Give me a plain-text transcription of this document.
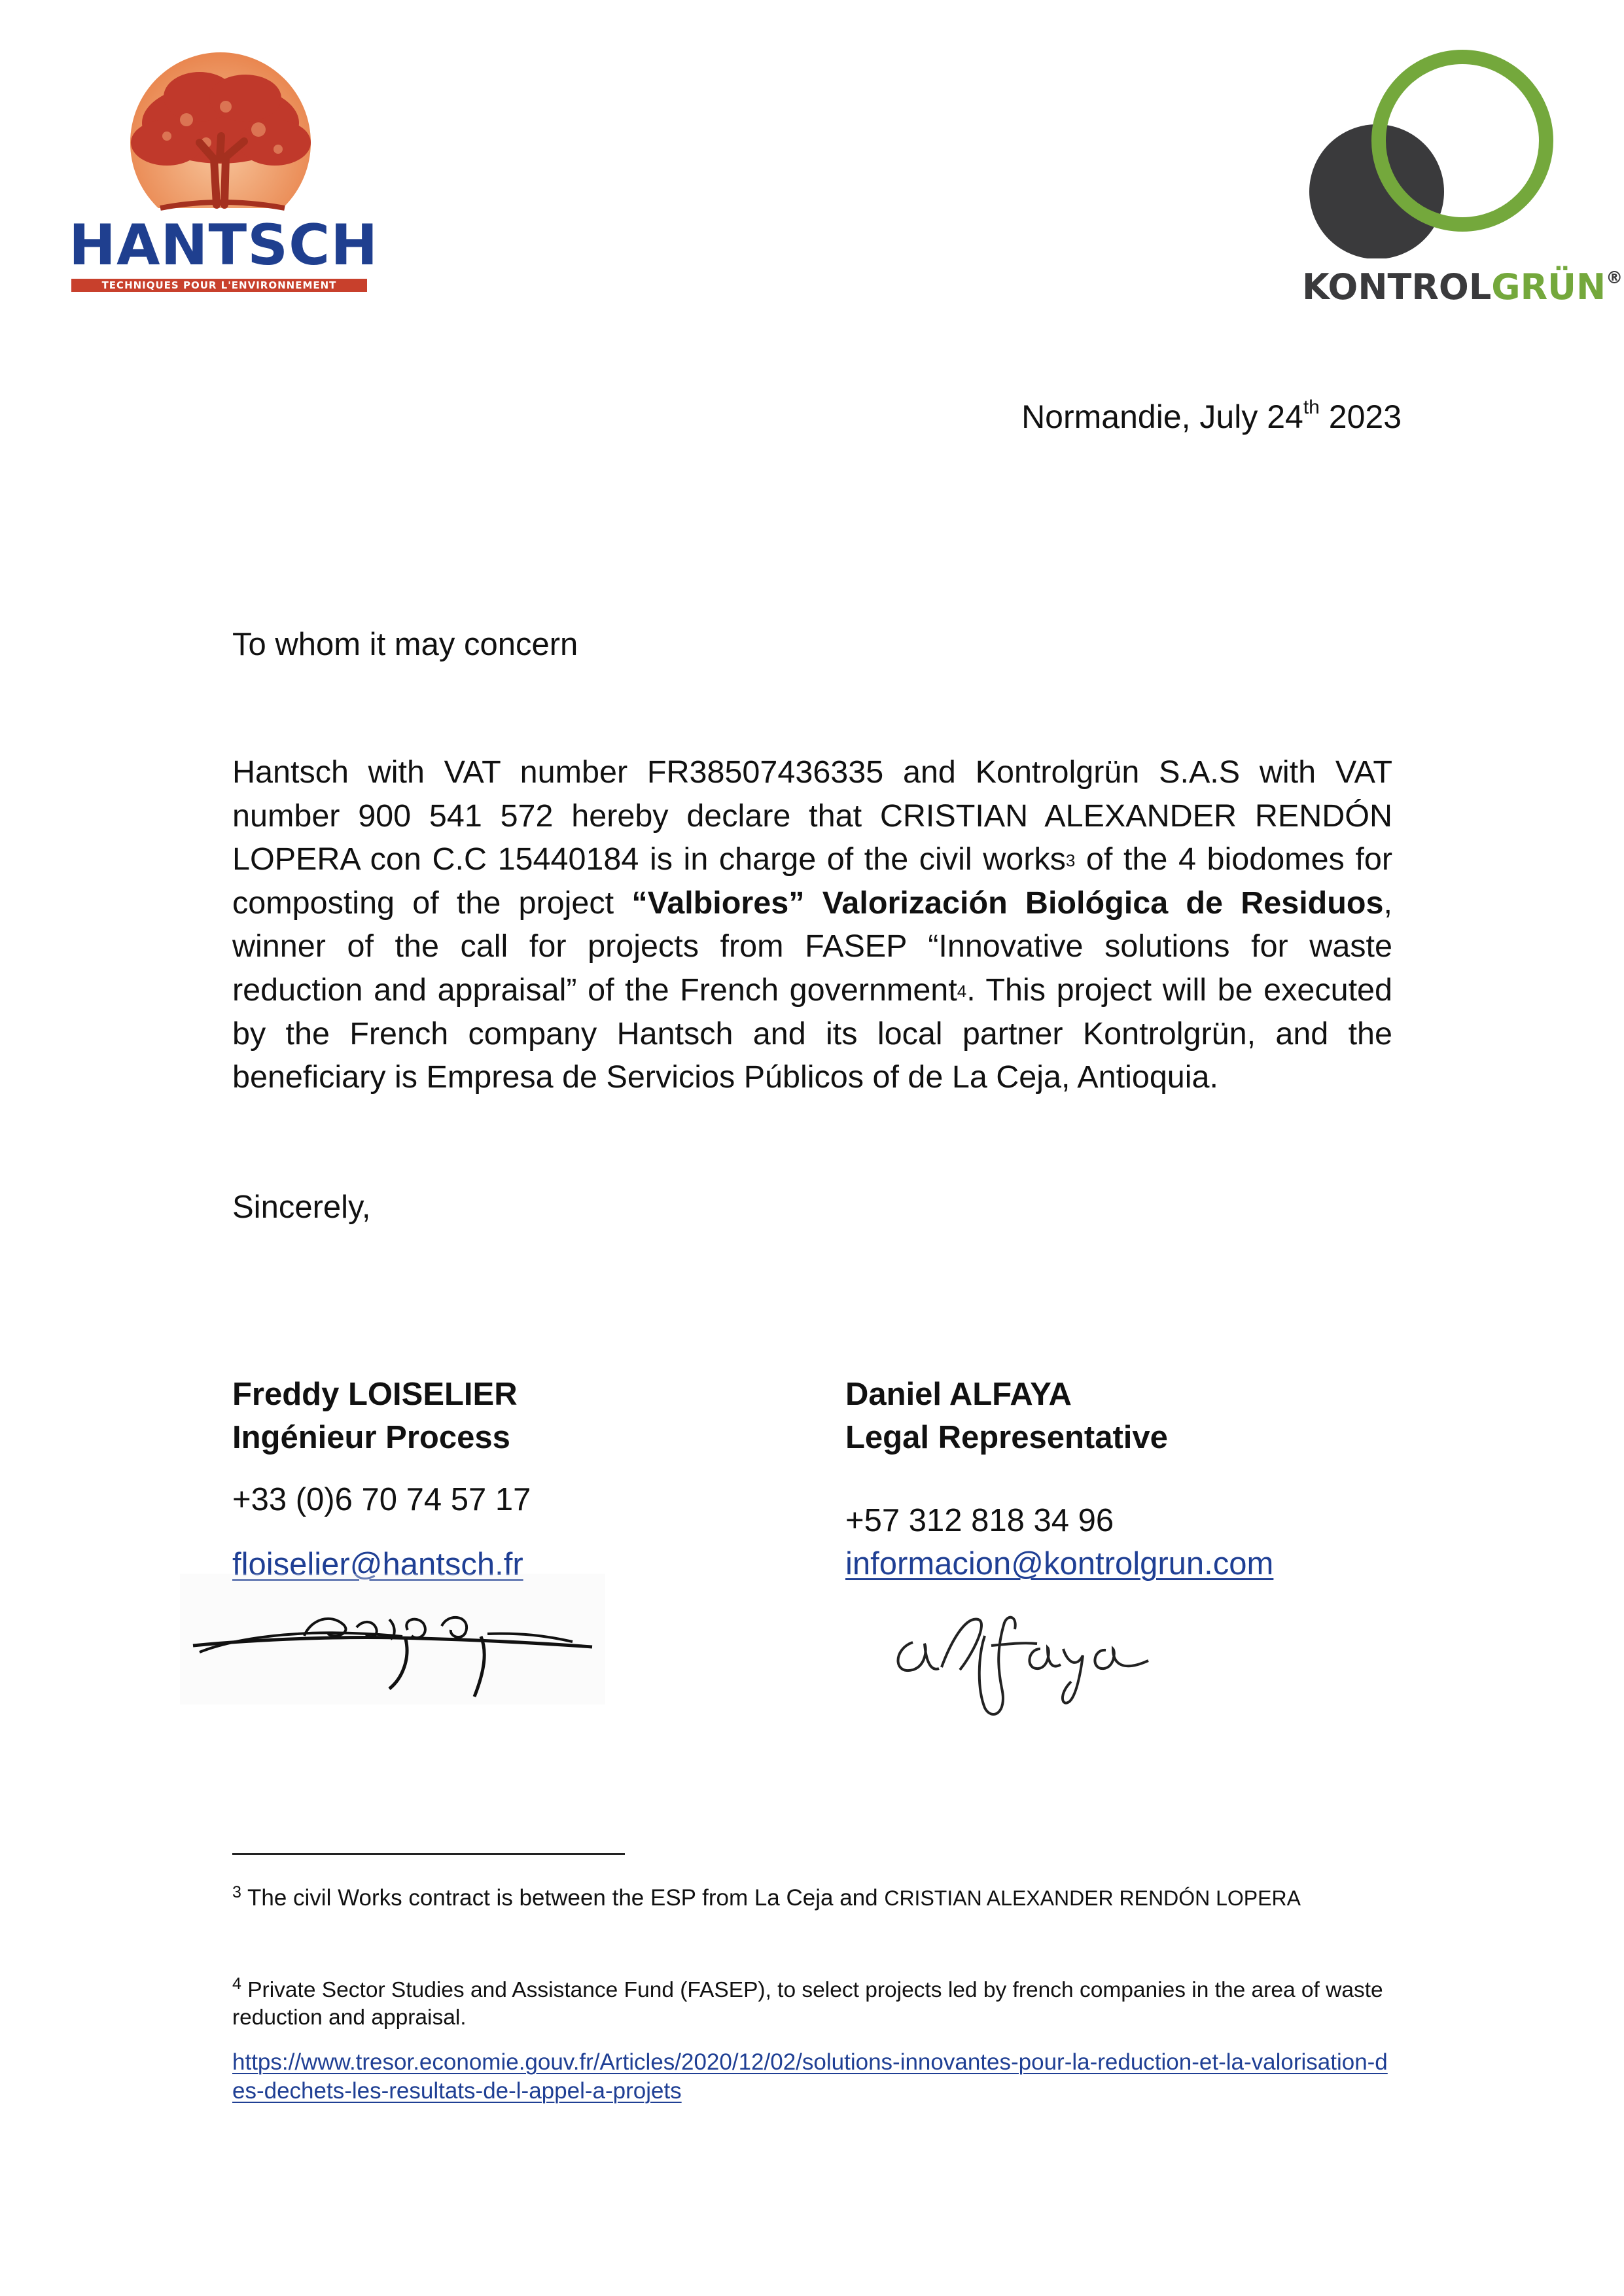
HANTSCH
TECHNIQUES POUR L'ENVIRONNEMENT	KONTROLGRÜN®
Normandie, July 24th 2023
To whom it may concern
Hantsch with VAT number FR38507436335 and Kontrolgrün S.A.S with VAT number 900 541 572 hereby declare that CRISTIAN ALEXANDER RENDÓN LOPERA con C.C 15440184 is in charge of the civil works3 of the 4 biodomes for composting of the project “Valbiores” Valorización Biológica de Residuos, winner of the call for projects from FASEP “Innovative solutions for waste reduction and appraisal” of the French government4. This project will be executed by the French company Hantsch and its local partner Kontrolgrün, and the beneficiary is Empresa de Servicios Públicos of de La Ceja, Antioquia.
Sincerely,
Freddy LOISELIER
Ingénieur Process
+33 (0)6 70 74 57 17
floiselier@hantsch.fr
Daniel ALFAYA
Legal Representative
+57 312 818 34 96
informacion@kontrolgrun.com
$^3$ The civil Works contract is between the ESP from La Ceja and CRISTIAN ALEXANDER RENDÓN LOPERA
$^4$ Private Sector Studies and Assistance Fund (FASEP), to select projects led by french companies in the area of waste reduction and appraisal.
https://www.tresor.economie.gouv.fr/Articles/2020/12/02/solutions-innovantes-pour-la-reduction-et-la-valorisation-des-dechets-les-resultats-de-l-appel-a-projets
